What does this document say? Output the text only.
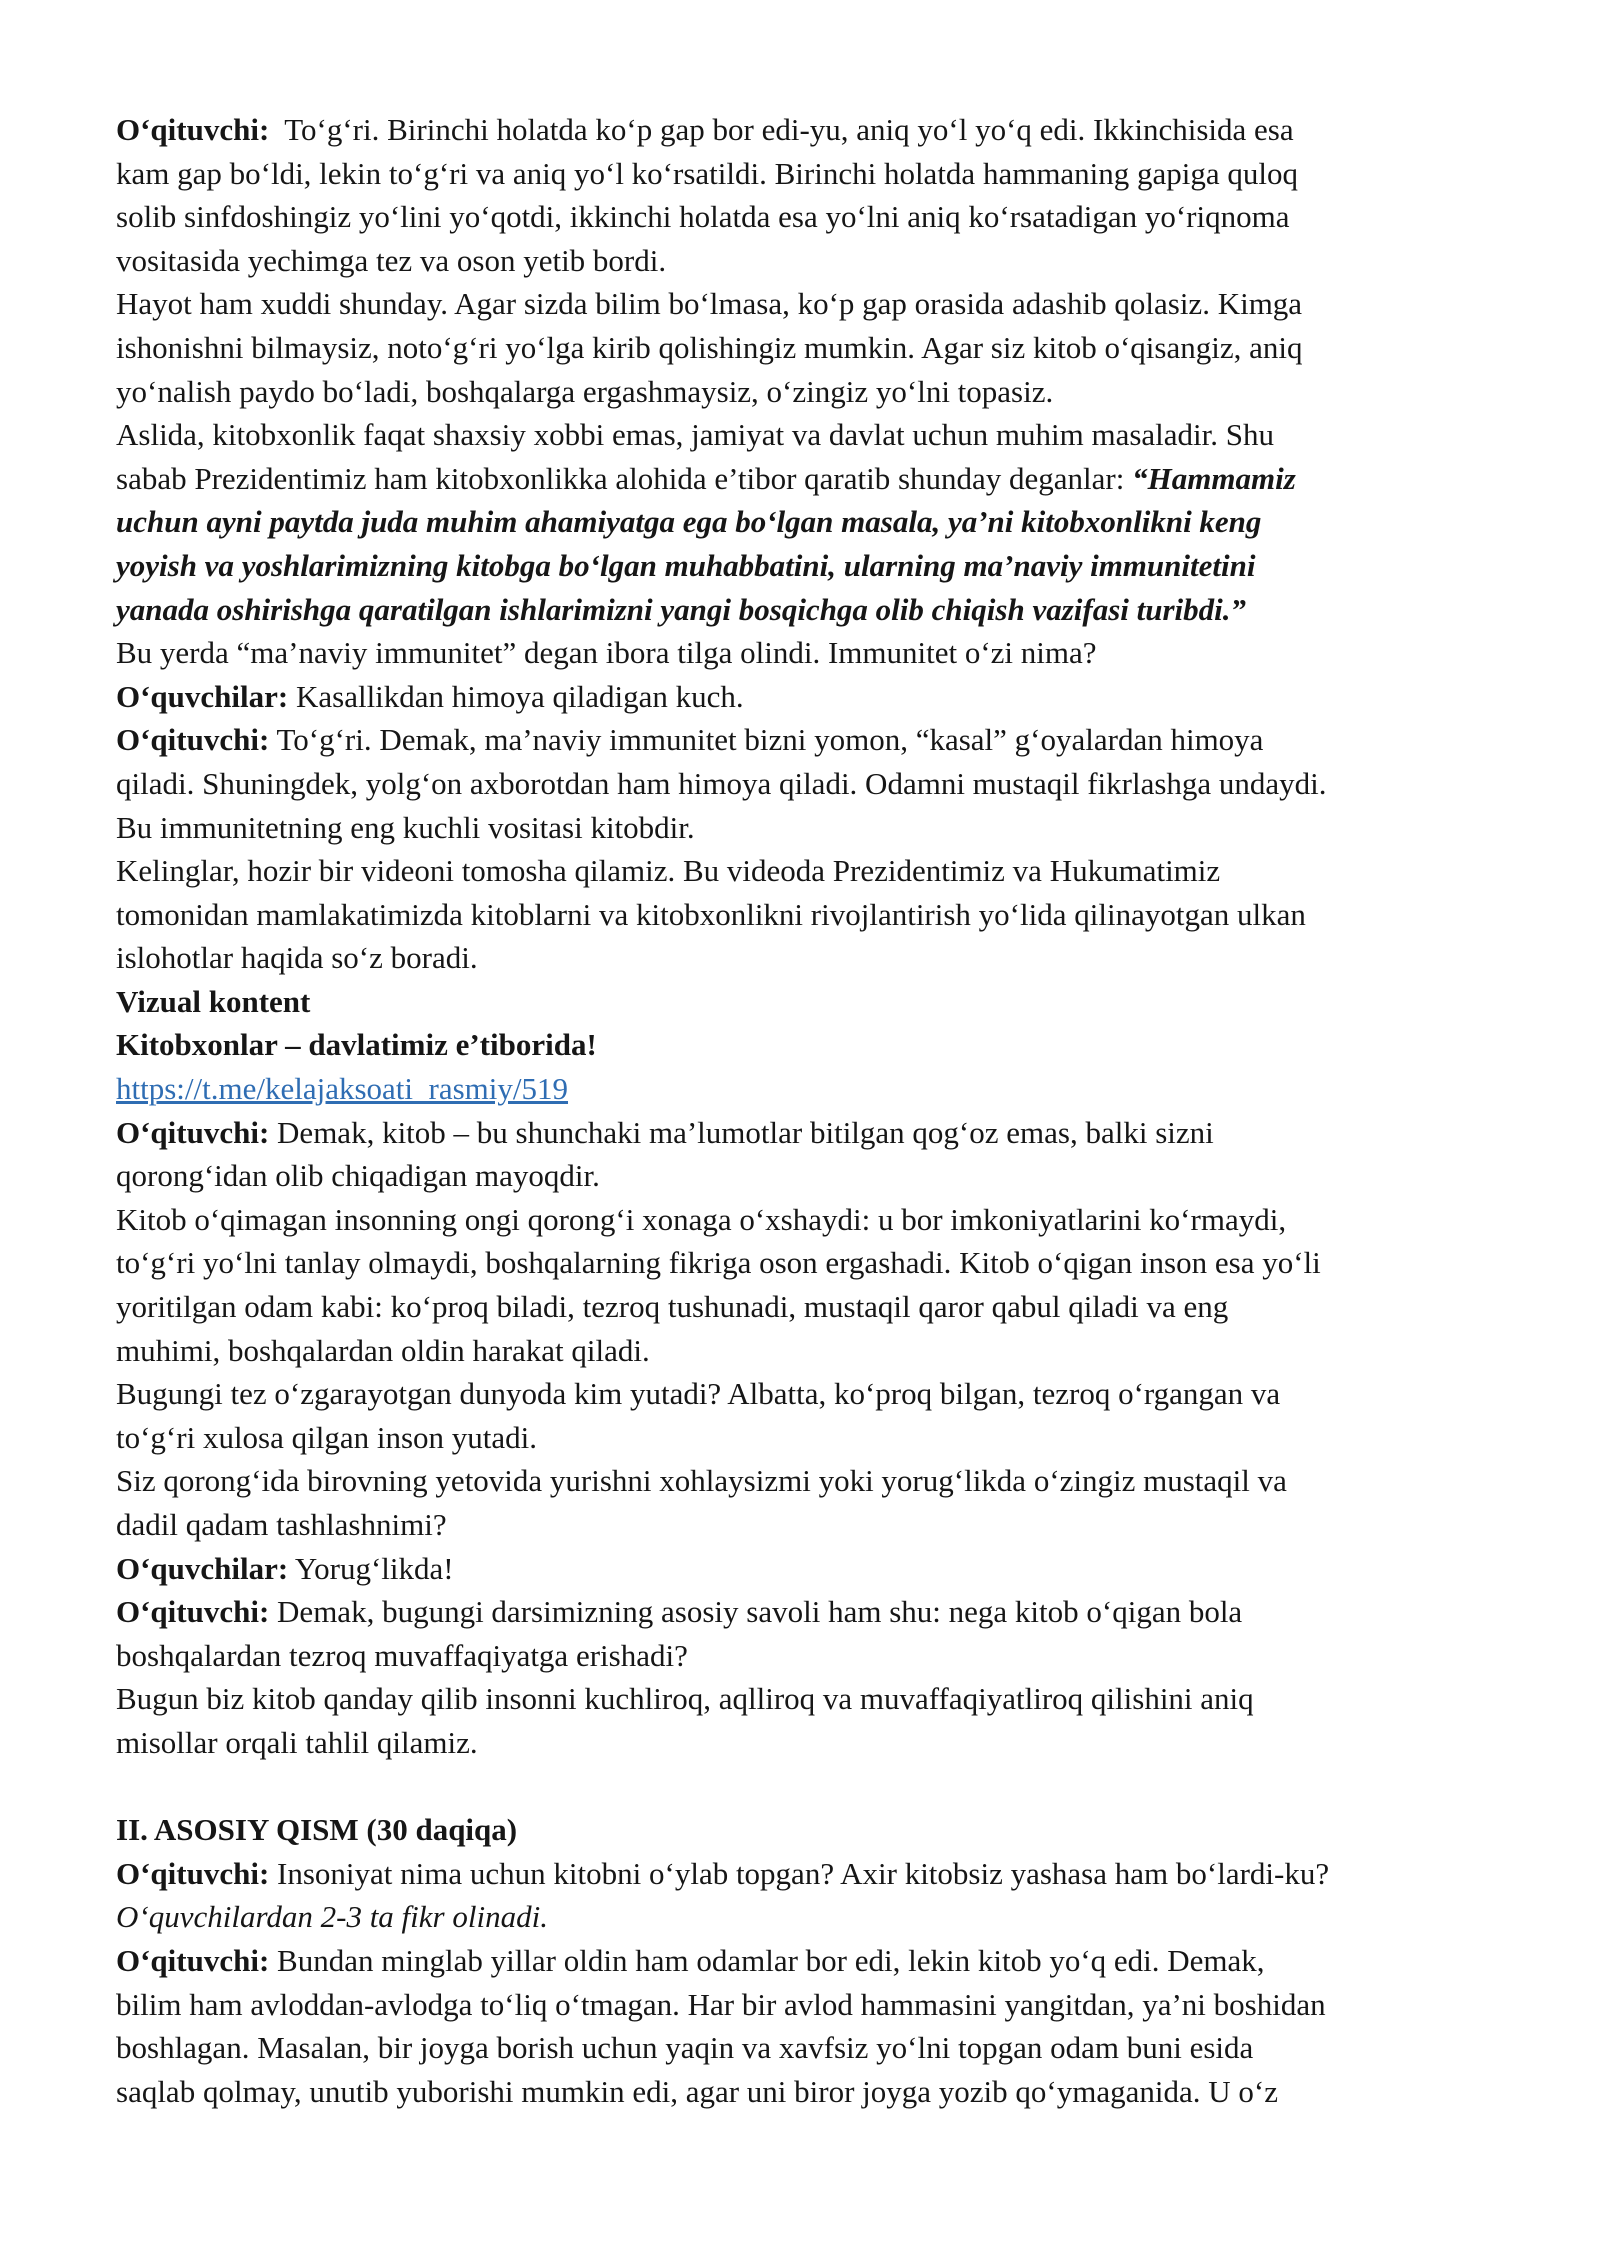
O‘qituvchi:  To‘g‘ri. Birinchi holatda ko‘p gap bor edi-yu, aniq yo‘l yo‘q edi. Ikkinchisida esa
kam gap bo‘ldi, lekin to‘g‘ri va aniq yo‘l ko‘rsatildi. Birinchi holatda hammaning gapiga quloq
solib sinfdoshingiz yo‘lini yo‘qotdi, ikkinchi holatda esa yo‘lni aniq ko‘rsatadigan yo‘riqnoma
vositasida yechimga tez va oson yetib bordi.
Hayot ham xuddi shunday. Agar sizda bilim bo‘lmasa, ko‘p gap orasida adashib qolasiz. Kimga
ishonishni bilmaysiz, noto‘g‘ri yo‘lga kirib qolishingiz mumkin. Agar siz kitob o‘qisangiz, aniq
yo‘nalish paydo bo‘ladi, boshqalarga ergashmaysiz, o‘zingiz yo‘lni topasiz.
Aslida, kitobxonlik faqat shaxsiy xobbi emas, jamiyat va davlat uchun muhim masaladir. Shu
sabab Prezidentimiz ham kitobxonlikka alohida e’tibor qaratib shunday deganlar: “Hammamiz
uchun ayni paytda juda muhim ahamiyatga ega bo‘lgan masala, ya’ni kitobxonlikni keng
yoyish va yoshlarimizning kitobga bo‘lgan muhabbatini, ularning ma’naviy immunitetini
yanada oshirishga qaratilgan ishlarimizni yangi bosqichga olib chiqish vazifasi turibdi.”
Bu yerda “ma’naviy immunitet” degan ibora tilga olindi. Immunitet o‘zi nima?
O‘quvchilar: Kasallikdan himoya qiladigan kuch.
O‘qituvchi: To‘g‘ri. Demak, ma’naviy immunitet bizni yomon, “kasal” g‘oyalardan himoya
qiladi. Shuningdek, yolg‘on axborotdan ham himoya qiladi. Odamni mustaqil fikrlashga undaydi.
Bu immunitetning eng kuchli vositasi kitobdir.
Kelinglar, hozir bir videoni tomosha qilamiz. Bu videoda Prezidentimiz va Hukumatimiz
tomonidan mamlakatimizda kitoblarni va kitobxonlikni rivojlantirish yo‘lida qilinayotgan ulkan
islohotlar haqida so‘z boradi.
Vizual kontent
Kitobxonlar – davlatimiz e’tiborida!
https://t.me/kelajaksoati_rasmiy/519
O‘qituvchi: Demak, kitob – bu shunchaki ma’lumotlar bitilgan qog‘oz emas, balki sizni
qorong‘idan olib chiqadigan mayoqdir.
Kitob o‘qimagan insonning ongi qorong‘i xonaga o‘xshaydi: u bor imkoniyatlarini ko‘rmaydi,
to‘g‘ri yo‘lni tanlay olmaydi, boshqalarning fikriga oson ergashadi. Kitob o‘qigan inson esa yo‘li
yoritilgan odam kabi: ko‘proq biladi, tezroq tushunadi, mustaqil qaror qabul qiladi va eng
muhimi, boshqalardan oldin harakat qiladi.
Bugungi tez o‘zgarayotgan dunyoda kim yutadi? Albatta, ko‘proq bilgan, tezroq o‘rgangan va
to‘g‘ri xulosa qilgan inson yutadi.
Siz qorong‘ida birovning yetovida yurishni xohlaysizmi yoki yorug‘likda o‘zingiz mustaqil va
dadil qadam tashlashnimi?
O‘quvchilar: Yorug‘likda!
O‘qituvchi: Demak, bugungi darsimizning asosiy savoli ham shu: nega kitob o‘qigan bola
boshqalardan tezroq muvaffaqiyatga erishadi?
Bugun biz kitob qanday qilib insonni kuchliroq, aqlliroq va muvaffaqiyatliroq qilishini aniq
misollar orqali tahlil qilamiz.
II. ASOSIY QISM (30 daqiqa)
O‘qituvchi: Insoniyat nima uchun kitobni o‘ylab topgan? Axir kitobsiz yashasa ham bo‘lardi-ku?
O‘quvchilardan 2-3 ta fikr olinadi.
O‘qituvchi: Bundan minglab yillar oldin ham odamlar bor edi, lekin kitob yo‘q edi. Demak,
bilim ham avloddan-avlodga to‘liq o‘tmagan. Har bir avlod hammasini yangitdan, ya’ni boshidan
boshlagan. Masalan, bir joyga borish uchun yaqin va xavfsiz yo‘lni topgan odam buni esida
saqlab qolmay, unutib yuborishi mumkin edi, agar uni biror joyga yozib qo‘ymaganida. U o‘z
